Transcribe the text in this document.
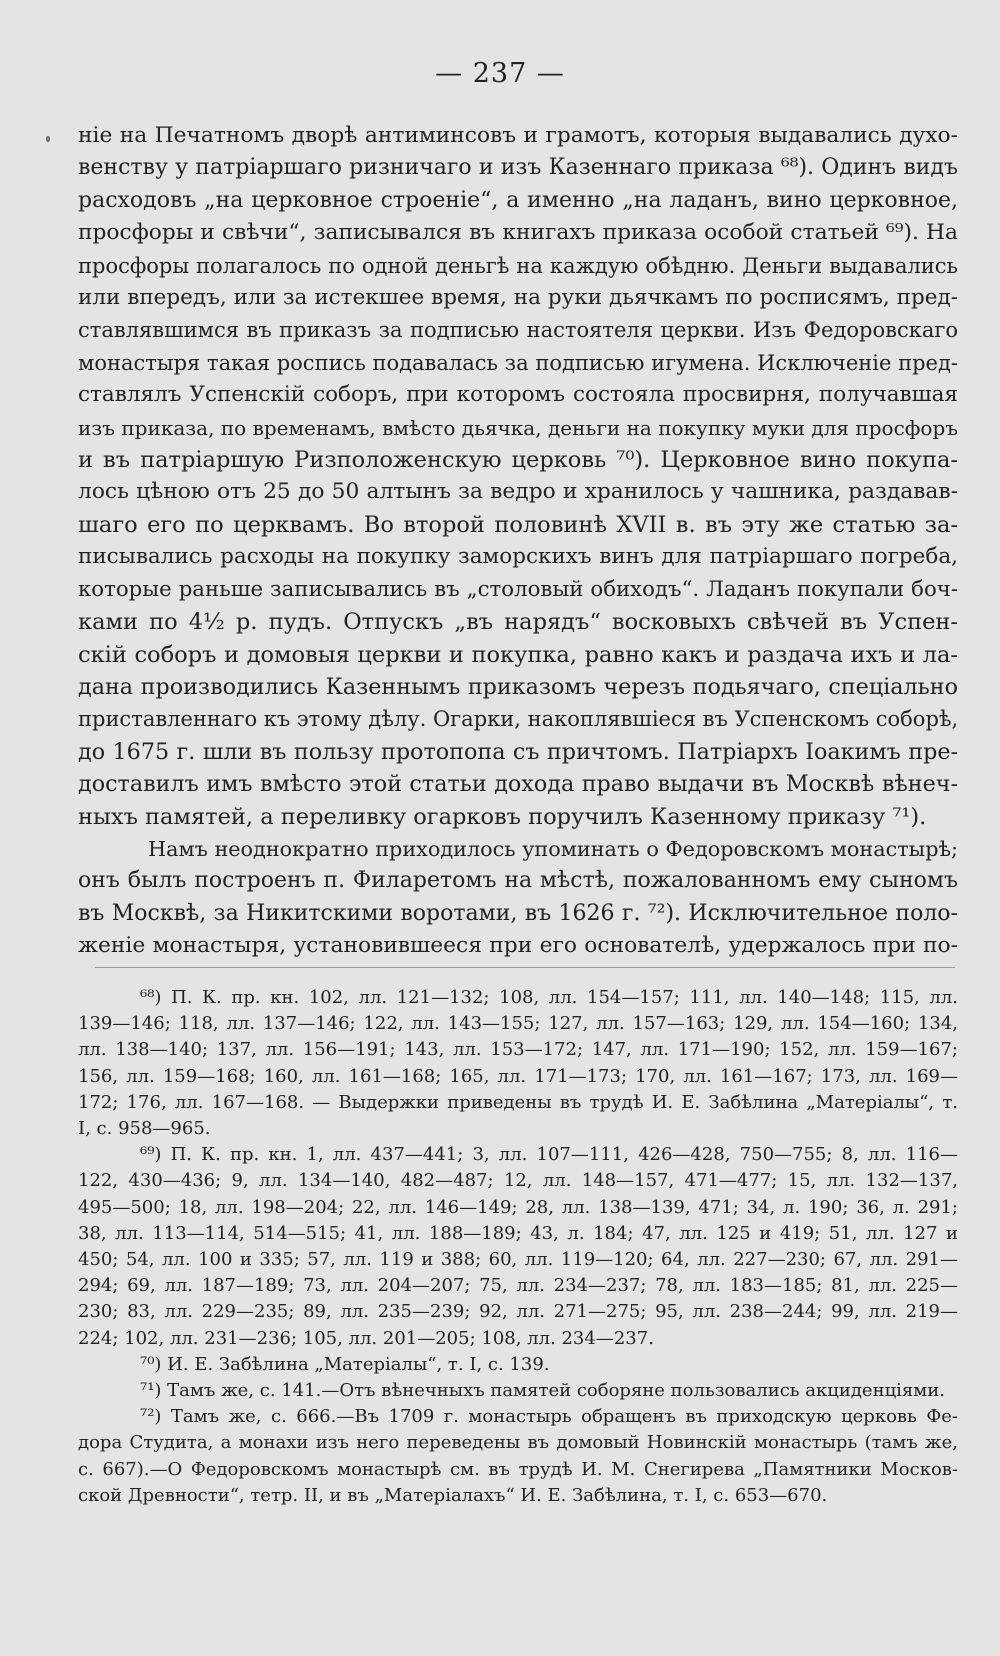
— 237 —
ніе на Печатномъ дворѣ антиминсовъ и грамотъ, которыя выдавались духо-
венству у патріаршаго ризничаго и изъ Казеннаго приказа ⁶⁸). Одинъ видъ
расходовъ „на церковное строеніе“, а именно „на ладанъ, вино церковное,
просфоры и свѣчи“, записывался въ книгахъ приказа особой статьей ⁶⁹). На
просфоры полагалось по одной деньгѣ на каждую обѣдню. Деньги выдавались
или впередъ, или за истекшее время, на руки дьячкамъ по росписямъ, пред-
ставлявшимся въ приказъ за подписью настоятеля церкви. Изъ Федоровскаго
монастыря такая роспись подавалась за подписью игумена. Исключеніе пред-
ставлялъ Успенскій соборъ, при которомъ состояла просвирня, получавшая
изъ приказа, по временамъ, вмѣсто дьячка, деньги на покупку муки для просфоръ
и въ патріаршую Ризположенскую церковь ⁷⁰). Церковное вино покупа-
лось цѣною отъ 25 до 50 алтынъ за ведро и хранилось у чашника, раздавав-
шаго его по церквамъ. Во второй половинѣ XVII в. въ эту же статью за-
писывались расходы на покупку заморскихъ винъ для патріаршаго погреба,
которые раньше записывались въ „столовый обиходъ“. Ладанъ покупали боч-
ками по 4½ р. пудъ. Отпускъ „въ нарядъ“ восковыхъ свѣчей въ Успен-
скій соборъ и домовыя церкви и покупка, равно какъ и раздача ихъ и ла-
дана производились Казеннымъ приказомъ черезъ подьячаго, спеціально
приставленнаго къ этому дѣлу. Огарки, накоплявшіеся въ Успенскомъ соборѣ,
до 1675 г. шли въ пользу протопопа съ причтомъ. Патріархъ Іоакимъ пре-
доставилъ имъ вмѣсто этой статьи дохода право выдачи въ Москвѣ вѣнеч-
ныхъ памятей, а переливку огарковъ поручилъ Казенному приказу ⁷¹).
Намъ неоднократно приходилось упоминать о Федоровскомъ монастырѣ;
онъ былъ построенъ п. Филаретомъ на мѣстѣ, пожалованномъ ему сыномъ
въ Москвѣ, за Никитскими воротами, въ 1626 г. ⁷²). Исключительное поло-
женіе монастыря, установившееся при его основателѣ, удержалось при по-
⁶⁸) П. К. пр. кн. 102, лл. 121—132; 108, лл. 154—157; 111, лл. 140—148; 115, лл.
139—146; 118, лл. 137—146; 122, лл. 143—155; 127, лл. 157—163; 129, лл. 154—160; 134,
лл. 138—140; 137, лл. 156—191; 143, лл. 153—172; 147, лл. 171—190; 152, лл. 159—167;
156, лл. 159—168; 160, лл. 161—168; 165, лл. 171—173; 170, лл. 161—167; 173, лл. 169—
172; 176, лл. 167—168. — Выдержки приведены въ трудѣ И. Е. Забѣлина „Матеріалы“, т.
I, с. 958—965.
⁶⁹) П. К. пр. кн. 1, лл. 437—441; 3, лл. 107—111, 426—428, 750—755; 8, лл. 116—
122, 430—436; 9, лл. 134—140, 482—487; 12, лл. 148—157, 471—477; 15, лл. 132—137,
495—500; 18, лл. 198—204; 22, лл. 146—149; 28, лл. 138—139, 471; 34, л. 190; 36, л. 291;
38, лл. 113—114, 514—515; 41, лл. 188—189; 43, л. 184; 47, лл. 125 и 419; 51, лл. 127 и
450; 54, лл. 100 и 335; 57, лл. 119 и 388; 60, лл. 119—120; 64, лл. 227—230; 67, лл. 291—
294; 69, лл. 187—189; 73, лл. 204—207; 75, лл. 234—237; 78, лл. 183—185; 81, лл. 225—
230; 83, лл. 229—235; 89, лл. 235—239; 92, лл. 271—275; 95, лл. 238—244; 99, лл. 219—
224; 102, лл. 231—236; 105, лл. 201—205; 108, лл. 234—237.
⁷⁰) И. Е. Забѣлина „Матеріалы“, т. I, с. 139.
⁷¹) Тамъ же, с. 141.—Отъ вѣнечныхъ памятей соборяне пользовались акциденціями.
⁷²) Тамъ же, с. 666.—Въ 1709 г. монастырь обращенъ въ приходскую церковь Фе-
дора Студита, а монахи изъ него переведены въ домовый Новинскій монастырь (тамъ же,
с. 667).—О Федоровскомъ монастырѣ см. въ трудѣ И. М. Снегирева „Памятники Москов-
ской Древности“, тетр. II, и въ „Матеріалахъ“ И. Е. Забѣлина, т. I, с. 653—670.
